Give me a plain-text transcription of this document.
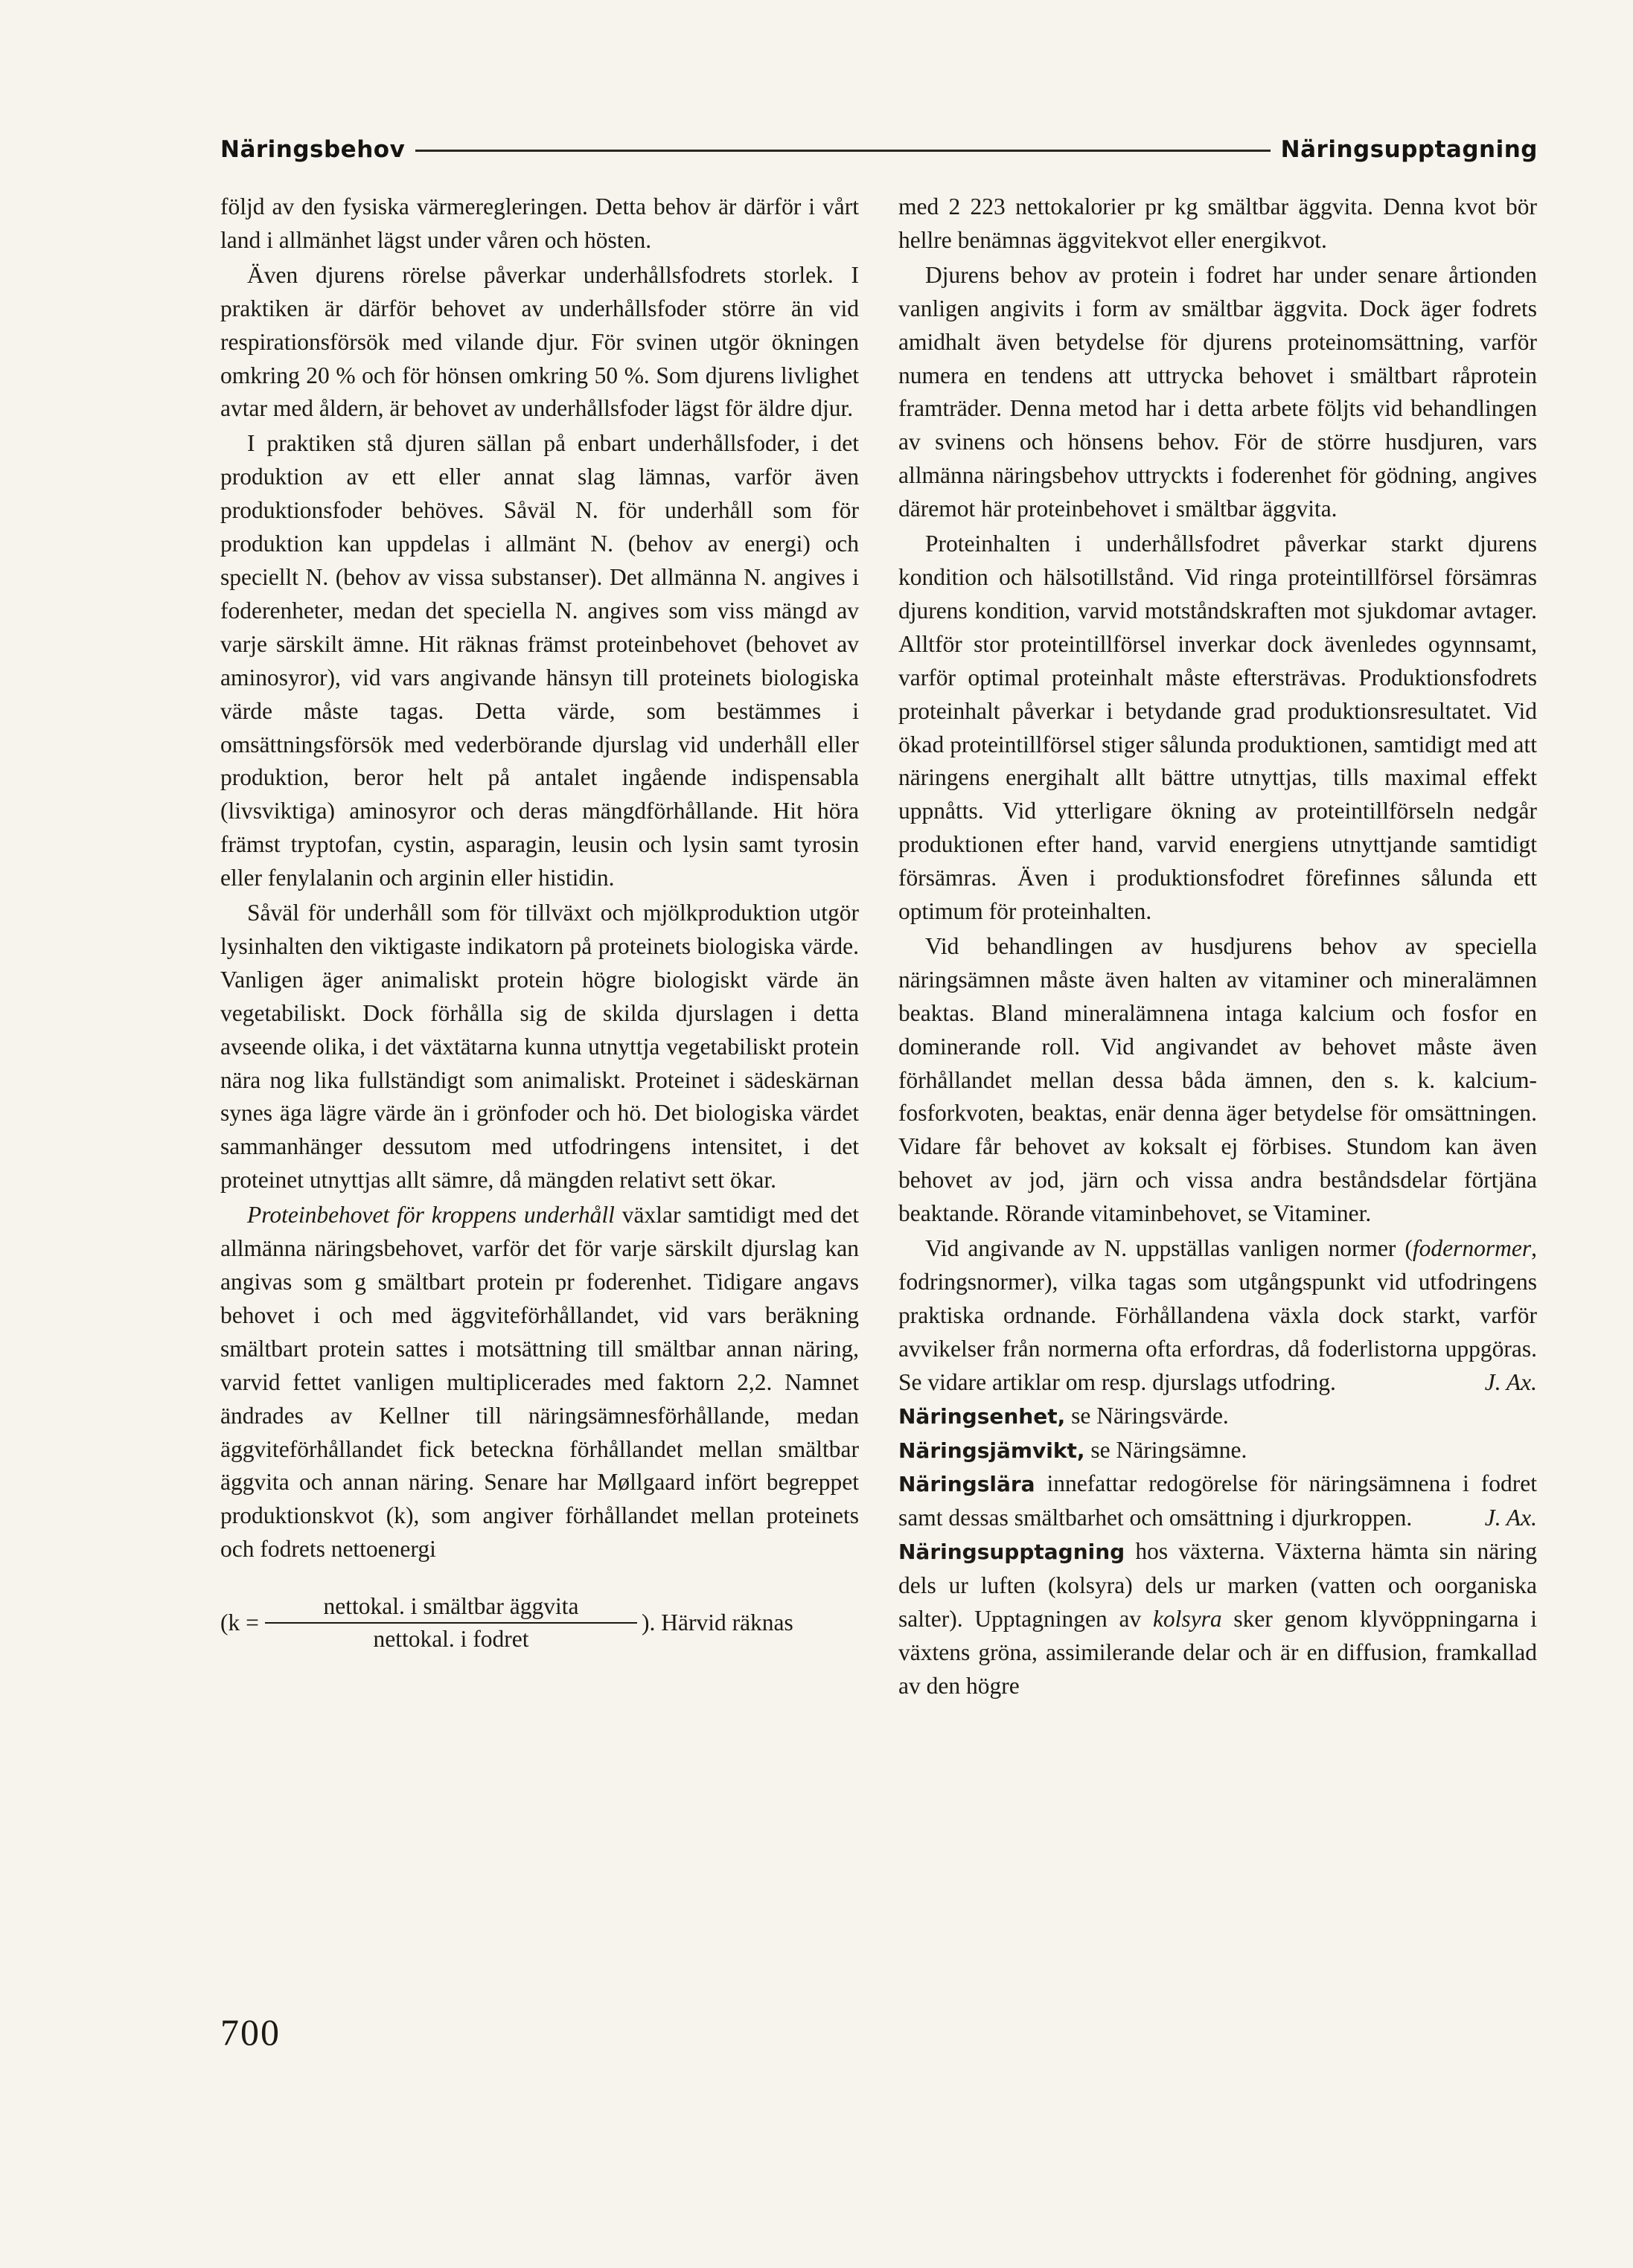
Näringsbehov	Näringsupptagning

följd av den fysiska värmeregleringen. Detta behov är därför i vårt land i allmänhet lägst under våren och hösten.

Även djurens rörelse påverkar underhållsfodrets storlek. I praktiken är därför behovet av underhållsfoder större än vid respirationsförsök med vilande djur. För svinen utgör ökningen omkring 20 % och för hönsen omkring 50 %. Som djurens livlighet avtar med åldern, är behovet av underhållsfoder lägst för äldre djur.

I praktiken stå djuren sällan på enbart underhållsfoder, i det produktion av ett eller annat slag lämnas, varför även produktionsfoder behöves. Såväl N. för underhåll som för produktion kan uppdelas i allmänt N. (behov av energi) och speciellt N. (behov av vissa substanser). Det allmänna N. angives i foderenheter, medan det speciella N. angives som viss mängd av varje särskilt ämne. Hit räknas främst proteinbehovet (behovet av aminosyror), vid vars angivande hänsyn till proteinets biologiska värde måste tagas. Detta värde, som bestämmes i omsättningsförsök med vederbörande djurslag vid underhåll eller produktion, beror helt på antalet ingående indispensabla (livsviktiga) aminosyror och deras mängdförhållande. Hit höra främst tryptofan, cystin, asparagin, leusin och lysin samt tyrosin eller fenylalanin och arginin eller histidin.

Såväl för underhåll som för tillväxt och mjölkproduktion utgör lysinhalten den viktigaste indikatorn på proteinets biologiska värde. Vanligen äger animaliskt protein högre biologiskt värde än vegetabiliskt. Dock förhålla sig de skilda djurslagen i detta avseende olika, i det växtätarna kunna utnyttja vegetabiliskt protein nära nog lika fullständigt som animaliskt. Proteinet i sädeskärnan synes äga lägre värde än i grönfoder och hö. Det biologiska värdet sammanhänger dessutom med utfodringens intensitet, i det proteinet utnyttjas allt sämre, då mängden relativt sett ökar.

Proteinbehovet för kroppens underhåll växlar samtidigt med det allmänna näringsbehovet, varför det för varje särskilt djurslag kan angivas som g smältbart protein pr foderenhet. Tidigare angavs behovet i och med äggviteförhållandet, vid vars beräkning smältbart protein sattes i motsättning till smältbar annan näring, varvid fettet vanligen multiplicerades med faktorn 2,2. Namnet ändrades av Kellner till näringsämnesförhållande, medan äggviteförhållandet fick beteckna förhållandet mellan smältbar äggvita och annan näring. Senare har Møllgaard infört begreppet produktionskvot (k), som angiver förhållandet mellan proteinets och fodrets nettoenergi

($k = \frac{\text{nettokal. i smältbar äggvita}}{\text{nettokal. i fodret}}$ ). Härvid räknas

med 2 223 nettokalorier pr kg smältbar äggvita. Denna kvot bör hellre benämnas äggvitekvot eller energikvot.

Djurens behov av protein i fodret har under senare årtionden vanligen angivits i form av smältbar äggvita. Dock äger fodrets amidhalt även betydelse för djurens proteinomsättning, varför numera en tendens att uttrycka behovet i smältbart råprotein framträder. Denna metod har i detta arbete följts vid behandlingen av svinens och hönsens behov. För de större husdjuren, vars allmänna näringsbehov uttryckts i foderenhet för gödning, angives däremot här proteinbehovet i smältbar äggvita.

Proteinhalten i underhållsfodret påverkar starkt djurens kondition och hälsotillstånd. Vid ringa proteintillförsel försämras djurens kondition, varvid motståndskraften mot sjukdomar avtager. Alltför stor proteintillförsel inverkar dock ävenledes ogynnsamt, varför optimal proteinhalt måste eftersträvas. Produktionsfodrets proteinhalt påverkar i betydande grad produktionsresultatet. Vid ökad proteintillförsel stiger sålunda produktionen, samtidigt med att näringens energihalt allt bättre utnyttjas, tills maximal effekt uppnåtts. Vid ytterligare ökning av proteintillförseln nedgår produktionen efter hand, varvid energiens utnyttjande samtidigt försämras. Även i produktionsfodret förefinnes sålunda ett optimum för proteinhalten.

Vid behandlingen av husdjurens behov av speciella näringsämnen måste även halten av vitaminer och mineralämnen beaktas. Bland mineralämnena intaga kalcium och fosfor en dominerande roll. Vid angivandet av behovet måste även förhållandet mellan dessa båda ämnen, den s. k. kalcium-fosforkvoten, beaktas, enär denna äger betydelse för omsättningen. Vidare får behovet av koksalt ej förbises. Stundom kan även behovet av jod, järn och vissa andra beståndsdelar förtjäna beaktande. Rörande vitaminbehovet, se Vitaminer.

Vid angivande av N. uppställas vanligen normer (fodernormer, fodringsnormer), vilka tagas som utgångspunkt vid utfodringens praktiska ordnande. Förhållandena växla dock starkt, varför avvikelser från normerna ofta erfordras, då foderlistorna uppgöras. Se vidare artiklar om resp. djurslags utfodring.	J. Ax.

Näringsenhet, se Näringsvärde.

Näringsjämvikt, se Näringsämne.

Näringslära innefattar redogörelse för näringsämnena i fodret samt dessas smältbarhet och omsättning i djurkroppen.	J. Ax.

Näringsupptagning hos växterna. Växterna hämta sin näring dels ur luften (kolsyra) dels ur marken (vatten och oorganiska salter). Upptagningen av kolsyra sker genom klyvöppningarna i växtens gröna, assimilerande delar och är en diffusion, framkallad av den högre

700
